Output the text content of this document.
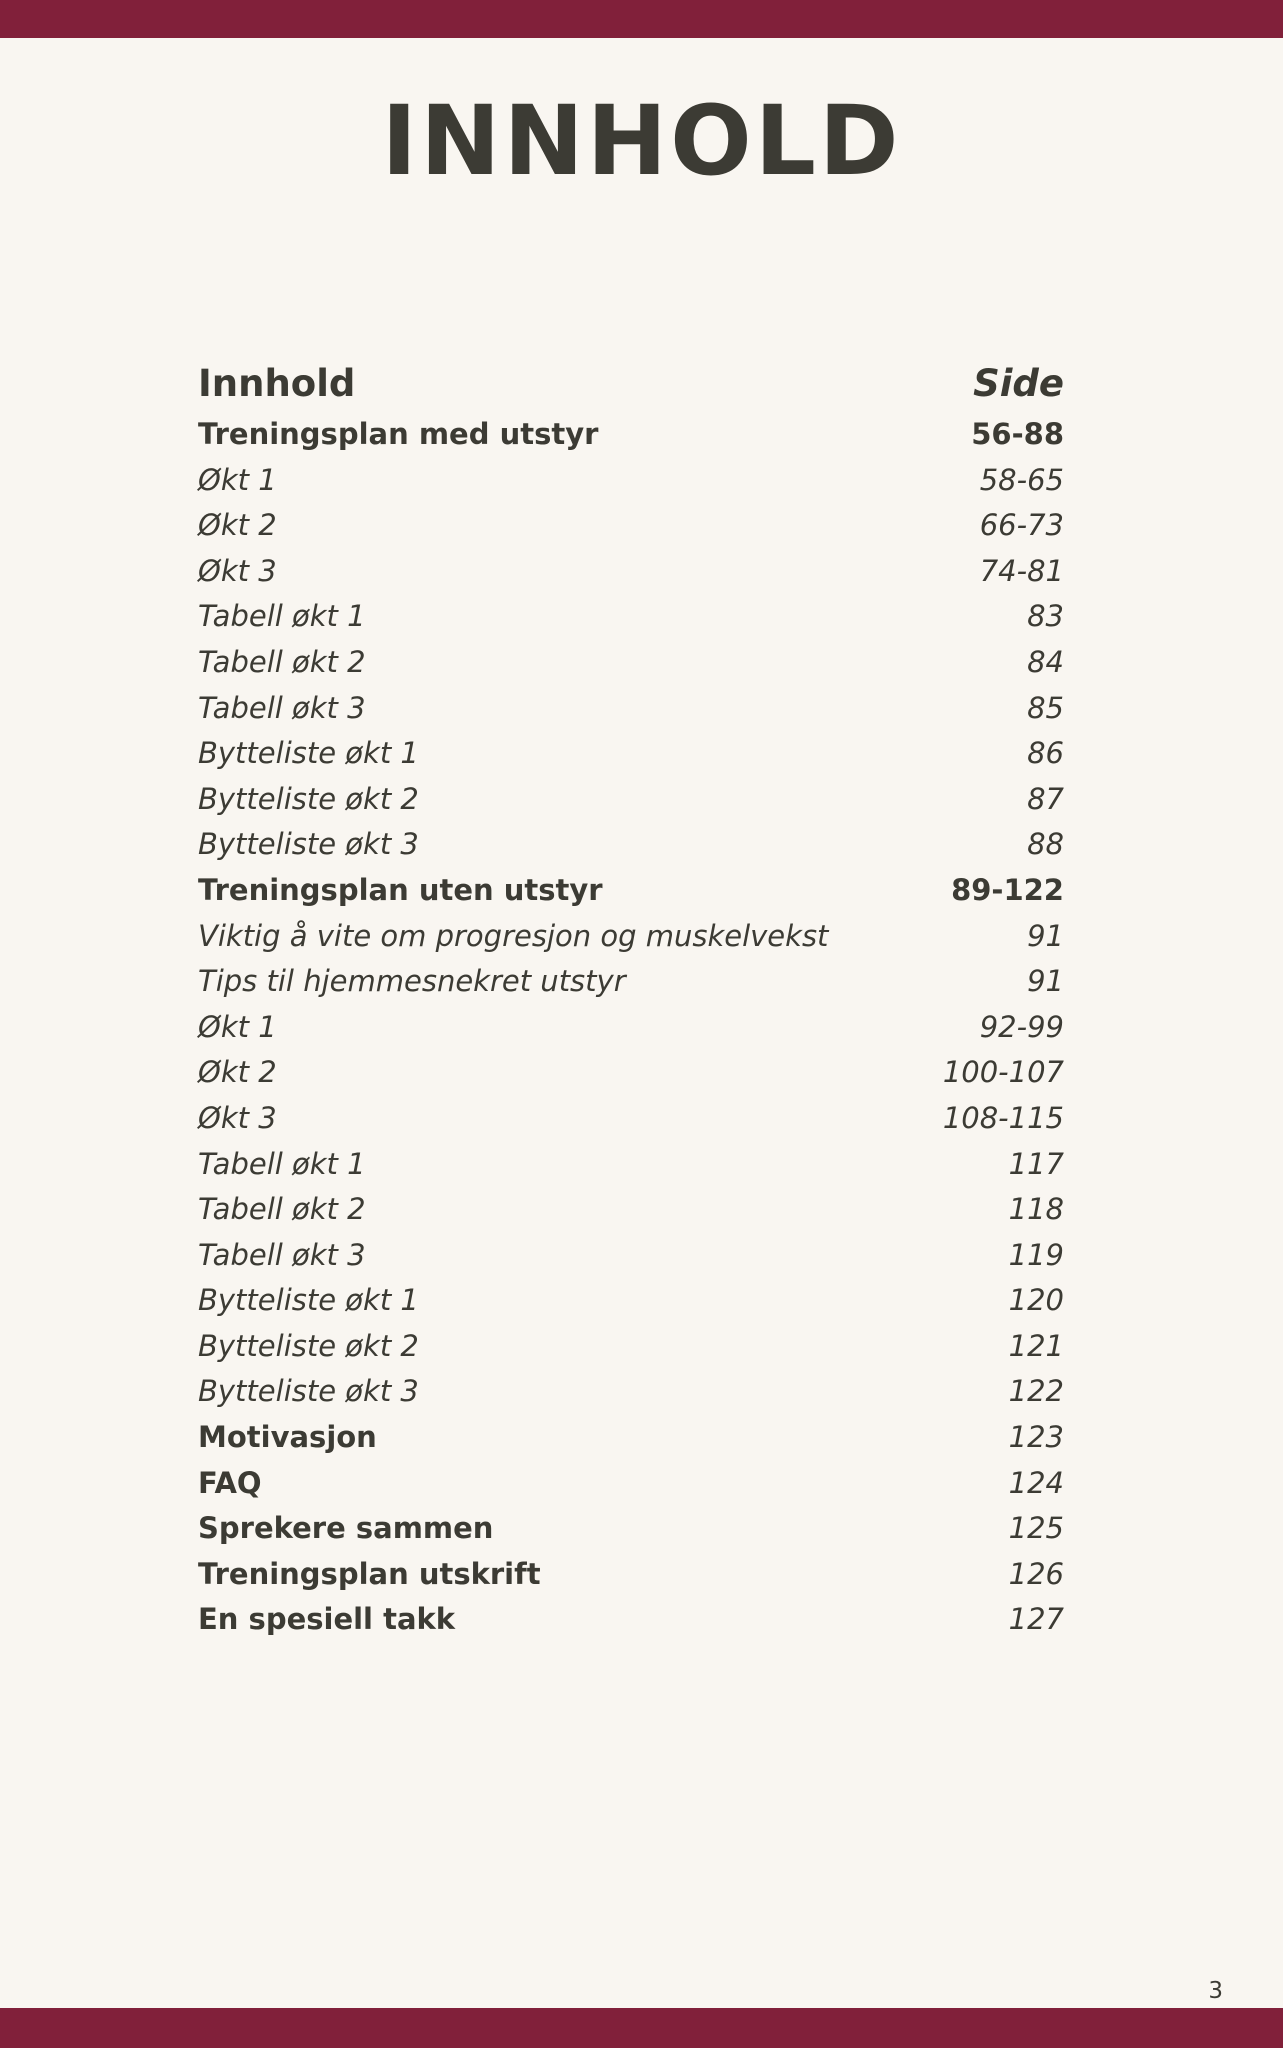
INNHOLD
Innhold	Side
Treningsplan med utstyr	56-88
Økt 1	58-65
Økt 2	66-73
Økt 3	74-81
Tabell økt 1	83
Tabell økt 2	84
Tabell økt 3	85
Bytteliste økt 1	86
Bytteliste økt 2	87
Bytteliste økt 3	88
Treningsplan uten utstyr	89-122
Viktig å vite om progresjon og muskelvekst	91
Tips til hjemmesnekret utstyr	91
Økt 1	92-99
Økt 2	100-107
Økt 3	108-115
Tabell økt 1	117
Tabell økt 2	118
Tabell økt 3	119
Bytteliste økt 1	120
Bytteliste økt 2	121
Bytteliste økt 3	122
Motivasjon	123
FAQ	124
Sprekere sammen	125
Treningsplan utskrift	126
En spesiell takk	127
3
